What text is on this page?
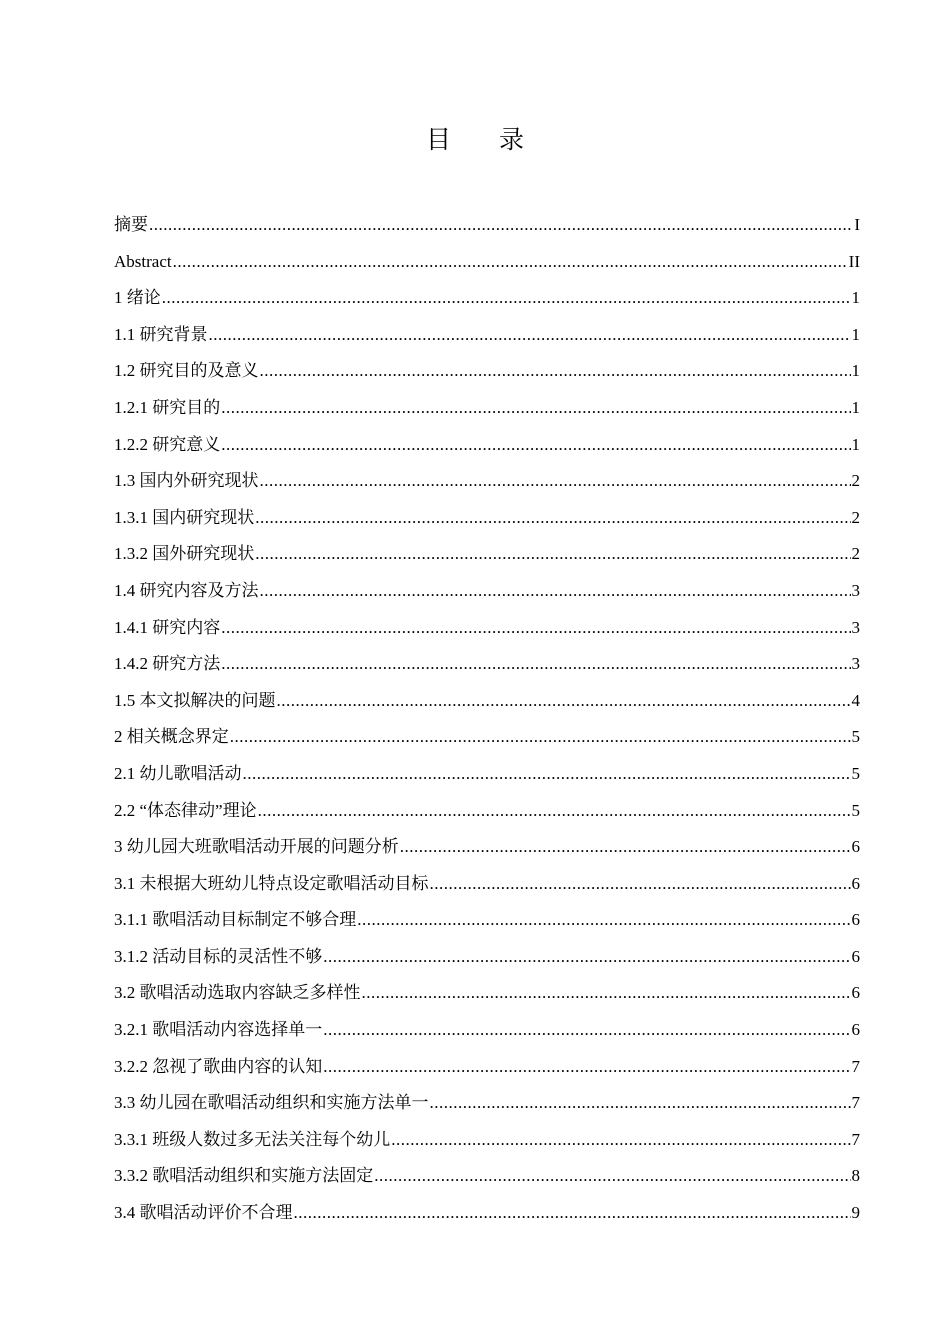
目 录
摘要 .....	I
Abstract .....	II
1 绪论 .....	1
1.1 研究背景 .....	1
1.2 研究目的及意义 .....	1
1.2.1 研究目的 .....	1
1.2.2 研究意义 .....	1
1.3 国内外研究现状 .....	2
1.3.1 国内研究现状 .....	2
1.3.2 国外研究现状 .....	2
1.4 研究内容及方法 .....	3
1.4.1 研究内容 .....	3
1.4.2 研究方法 .....	3
1.5 本文拟解决的问题 .....	4
2 相关概念界定 .....	5
2.1 幼儿歌唱活动 .....	5
2.2 “体态律动”理论 .....	5
3 幼儿园大班歌唱活动开展的问题分析 .....	6
3.1 未根据大班幼儿特点设定歌唱活动目标 .....	6
3.1.1 歌唱活动目标制定不够合理 .....	6
3.1.2 活动目标的灵活性不够 .....	6
3.2 歌唱活动选取内容缺乏多样性 .....	6
3.2.1 歌唱活动内容选择单一 .....	6
3.2.2 忽视了歌曲内容的认知 .....	7
3.3 幼儿园在歌唱活动组织和实施方法单一 .....	7
3.3.1 班级人数过多无法关注每个幼儿 .....	7
3.3.2 歌唱活动组织和实施方法固定 .....	8
3.4 歌唱活动评价不合理 .....	9
